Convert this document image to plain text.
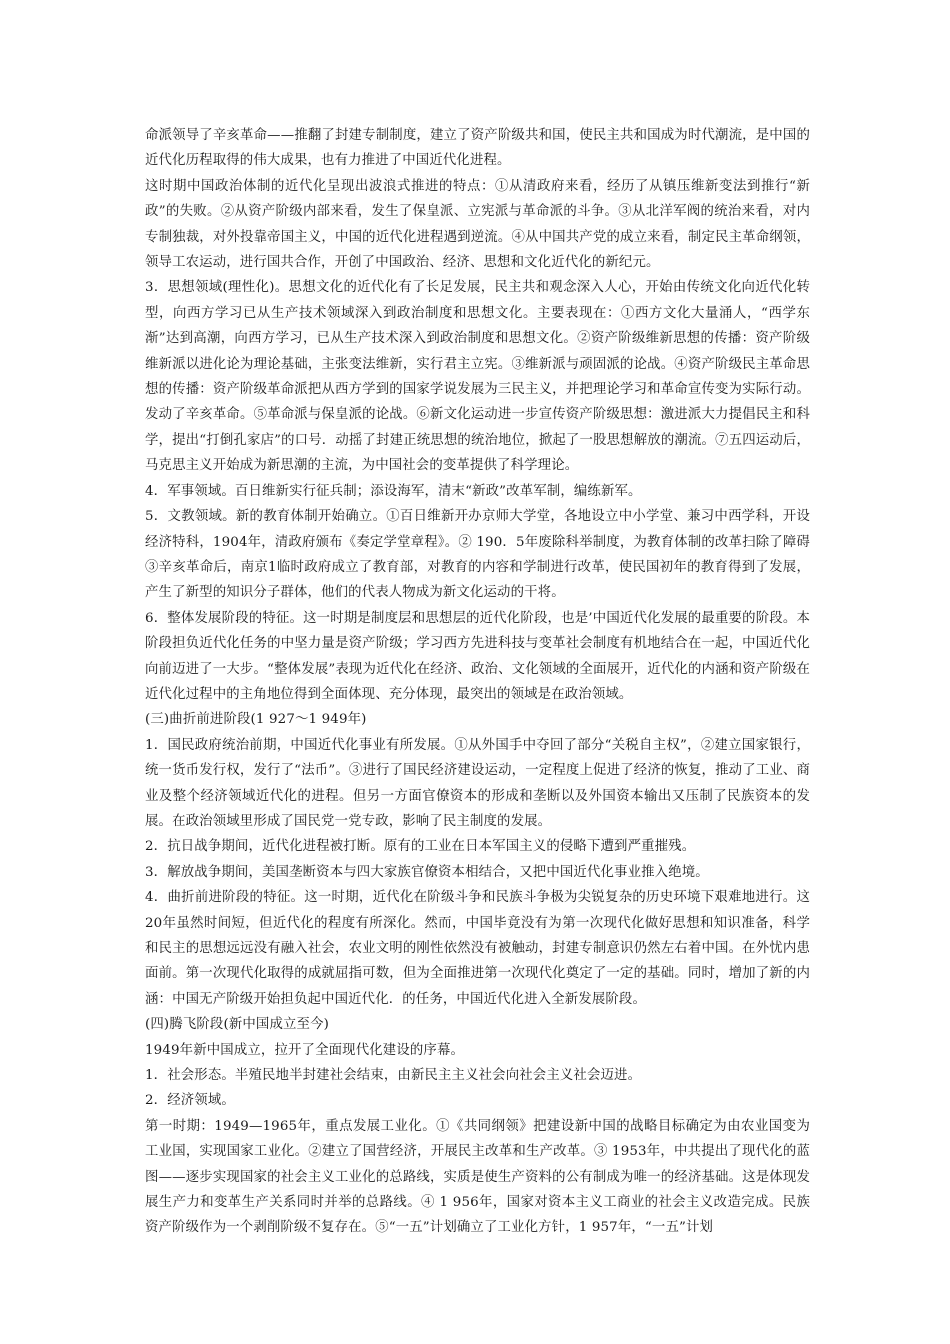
命派领导了辛亥革命——推翻了封建专制制度，建立了资产阶级共和国，使民主共和国成为时代潮流，是中国的近代化历程取得的伟大成果，也有力推进了中国近代化进程。

这时期中国政治体制的近代化呈现出波浪式推进的特点：①从清政府来看，经历了从镇压维新变法到推行“新政”的失败。②从资产阶级内部来看，发生了保皇派、立宪派与革命派的斗争。③从北洋军阀的统治来看，对内专制独裁，对外投靠帝国主义，中国的近代化进程遇到逆流。④从中国共产党的成立来看，制定民主革命纲领，领导工农运动，进行国共合作，开创了中国政治、经济、思想和文化近代化的新纪元。

3．思想领域(理性化)。思想文化的近代化有了长足发展，民主共和观念深入人心，开始由传统文化向近代化转型，向西方学习已从生产技术领域深入到政治制度和思想文化。主要表现在：①西方文化大量涌人，“西学东渐”达到高潮，向西方学习，已从生产技术深入到政治制度和思想文化。②资产阶级维新思想的传播：资产阶级维新派以进化论为理论基础，主张变法维新，实行君主立宪。③维新派与顽固派的论战。④资产阶级民主革命思想的传播：资产阶级革命派把从西方学到的国家学说发展为三民主义，并把理论学习和革命宣传变为实际行动。发动了辛亥革命。⑤革命派与保皇派的论战。⑥新文化运动进一步宣传资产阶级思想：激进派大力提倡民主和科学，提出“打倒孔家店”的口号．动摇了封建正统思想的统治地位，掀起了一股思想解放的潮流。⑦五四运动后，马克思主义开始成为新思潮的主流，为中国社会的变革提供了科学理论。

4．军事领域。百日维新实行征兵制；添设海军，清末“新政”改革军制，编练新军。

5．文教领域。新的教育体制开始确立。①百日维新开办京师大学堂，各地设立中小学堂、兼习中西学科，开设经济特科，1904年，清政府颁布《奏定学堂章程》。② 190．5年废除科举制度，为教育体制的改革扫除了障碍③辛亥革命后，南京1临时政府成立了教育部，对教育的内容和学制进行改革，使民国初年的教育得到了发展，产生了新型的知识分子群体，他们的代表人物成为新文化运动的干将。

6．整体发展阶段的特征。这一时期是制度层和思想层的近代化阶段，也是’中国近代化发展的最重要的阶段。本阶段担负近代化任务的中坚力量是资产阶级；学习西方先进科技与变革社会制度有机地结合在一起，中国近代化向前迈进了一大步。“整体发展”表现为近代化在经济、政治、文化领域的全面展开，近代化的内涵和资产阶级在近代化过程中的主角地位得到全面体现、充分体现，最突出的领域是在政治领域。

(三)曲折前进阶段(1 927～1 949年)

1．国民政府统治前期，中国近代化事业有所发展。①从外国手中夺回了部分“关税自主权”，②建立国家银行，统一货币发行权，发行了“法币”。③进行了国民经济建设运动，一定程度上促进了经济的恢复，推动了工业、商业及整个经济领域近代化的进程。但另一方面官僚资本的形成和垄断以及外国资本输出又压制了民族资本的发展。在政治领域里形成了国民党一党专政，影响了民主制度的发展。

2．抗日战争期间，近代化进程被打断。原有的工业在日本军国主义的侵略下遭到严重摧残。

3．解放战争期间，美国垄断资本与四大家族官僚资本相结合，又把中国近代化事业推入绝境。

4．曲折前进阶段的特征。这一时期，近代化在阶级斗争和民族斗争极为尖锐复杂的历史环境下艰难地进行。这20年虽然时间短，但近代化的程度有所深化。然而，中国毕竟没有为第一次现代化做好思想和知识准备，科学和民主的思想远远没有融入社会，农业文明的刚性依然没有被触动，封建专制意识仍然左右着中国。在外忧内患面前。第一次现代化取得的成就屈指可数，但为全面推进第一次现代化奠定了一定的基础。同时，增加了新的内涵：中国无产阶级开始担负起中国近代化．的任务，中国近代化进入全新发展阶段。

(四)腾飞阶段(新中国成立至今)

1949年新中国成立，拉开了全面现代化建设的序幕。

1．社会形态。半殖民地半封建社会结束，由新民主主义社会向社会主义社会迈进。

2．经济领域。

第一时期：1949—1965年，重点发展工业化。①《共同纲领》把建设新中国的战略目标确定为由农业国变为工业国，实现国家工业化。②建立了国营经济，开展民主改革和生产改革。③ 1953年，中共提出了现代化的蓝图——逐步实现国家的社会主义工业化的总路线，实质是使生产资料的公有制成为唯一的经济基础。这是体现发展生产力和变革生产关系同时并举的总路线。④ 1 956年，国家对资本主义工商业的社会主义改造完成。民族资产阶级作为一个剥削阶级不复存在。⑤“一五”计划确立了工业化方针，1 957年，“一五”计划
